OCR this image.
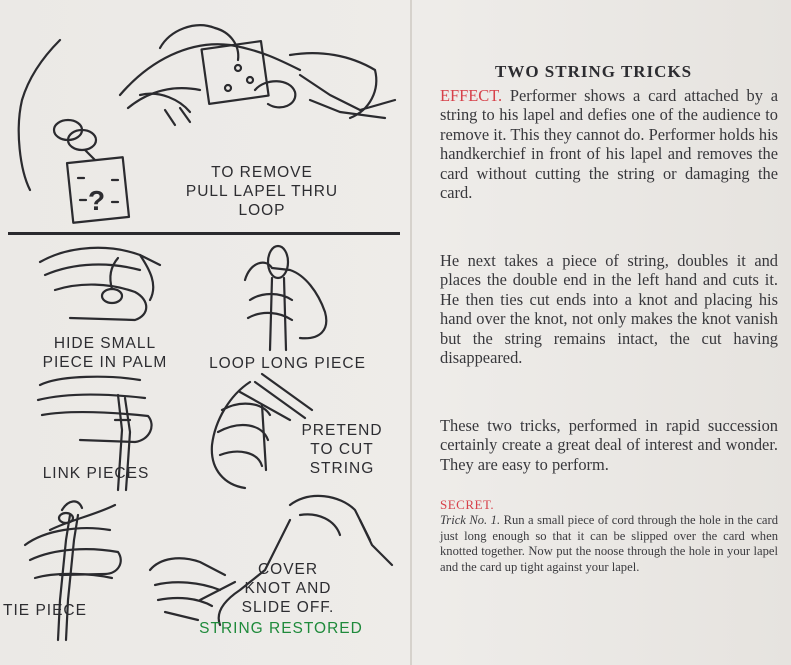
TO REMOVE
PULL LAPEL THRU
LOOP
?
HIDE SMALL
PIECE IN PALM	LOOP LONG PIECE
PRETEND
TO CUT
STRING
LINK PIECES
COVER
KNOT AND
SLIDE OFF.
STRING RESTORED
TIE PIECE
TWO STRING TRICKS
EFFECT. Performer shows a card attached by a string to his lapel and defies one of the audience to remove it. This they cannot do. Performer holds his handkerchief in front of his lapel and removes the card without cutting the string or damaging the card.
He next takes a piece of string, doubles it and places the double end in the left hand and cuts it. He then ties cut ends into a knot and placing his hand over the knot, not only makes the knot vanish but the string remains intact, the cut having disappeared.
These two tricks, performed in rapid succession certainly create a great deal of interest and wonder. They are easy to perform.
SECRET.
Trick No. 1. Run a small piece of cord through the hole in the card just long enough so that it can be slipped over the card when knotted together. Now put the noose through the hole in your lapel and the card up tight against your lapel.
